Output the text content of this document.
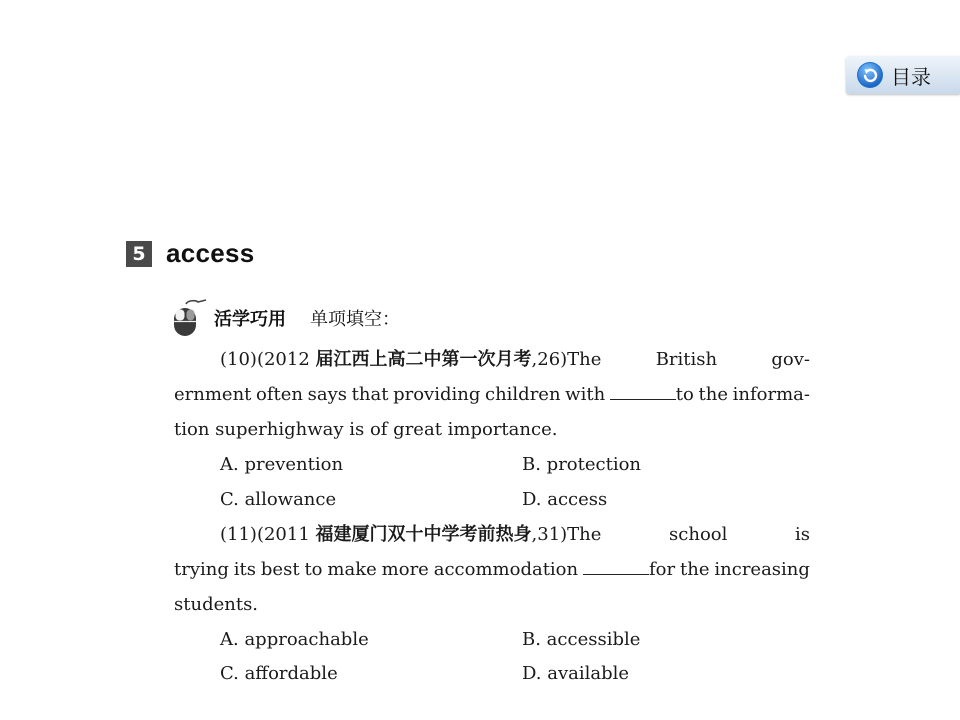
目录
5 access
活学巧用 单项填空：
(10)(2012 届江西上高二中第一次月考,26)The	British	gov-
ernment often says that providing children with	to the informa-
tion superhighway is of great importance.
A. prevention	B. protection
C. allowance	D. access
(11)(2011 福建厦门双十中学考前热身,31)The	school	is
trying its best to make more accommodation	for the increasing
students.
A. approachable	B. accessible
C. affordable	D. available
